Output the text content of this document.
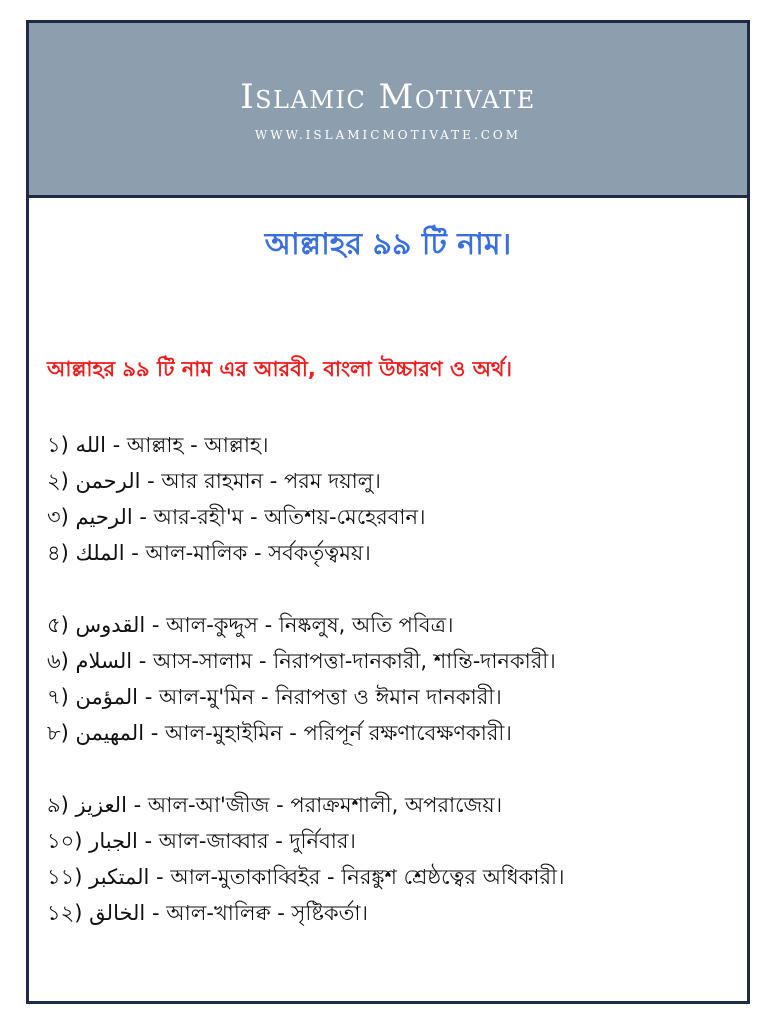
Islamic Motivate
WWW.ISLAMICMOTIVATE.COM
আল্লাহর ৯৯ টি নাম।
আল্লাহর ৯৯ টি নাম এর আরবী, বাংলা উচ্চারণ ও অর্থ।
১) الله - আল্লাহ - আল্লাহ।
২) الرحمن - আর রাহমান - পরম দয়ালু।
৩) الرحيم - আর-রহী'ম - অতিশয়-মেহেরবান।
৪) الملك - আল-মালিক - সর্বকর্তৃত্বময়।
৫) القدوس - আল-কুদ্দুস - নিষ্কলুষ, অতি পবিত্র।
৬) السلام - আস-সালাম - নিরাপত্তা-দানকারী, শান্তি-দানকারী।
৭) المؤمن - আল-মু'মিন - নিরাপত্তা ও ঈমান দানকারী।
৮) المهيمن - আল-মুহাইমিন - পরিপূর্ন রক্ষণাবেক্ষণকারী।
৯) العزيز - আল-আ'জীজ - পরাক্রমশালী, অপরাজেয়।
১০) الجبار - আল-জাব্বার - দুর্নিবার।
১১) المتكبر - আল-মুতাকাব্বিইর - নিরঙ্কুশ শ্রেষ্ঠত্বের অধিকারী।
১২) الخالق - আল-খালিক্ব - সৃষ্টিকর্তা।
